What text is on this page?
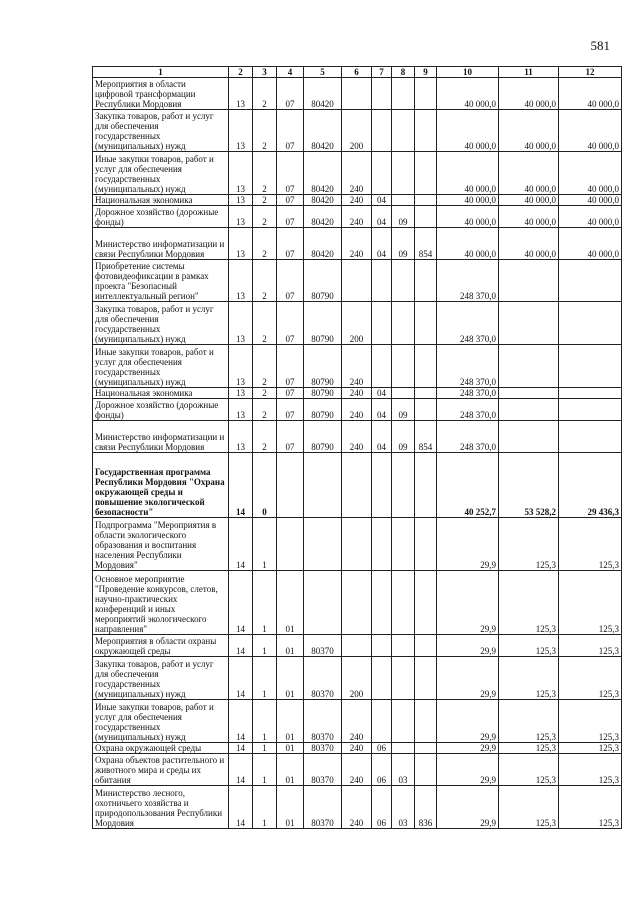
581
1	2	3	4	5	6	7	8	9	10	11	12
Мероприятия в области цифровой трансформации Республики Мордовия	13	2	07	80420					40 000,0	40 000,0	40 000,0
Закупка товаров, работ и услуг для обеспечения государственных (муниципальных) нужд	13	2	07	80420	200				40 000,0	40 000,0	40 000,0
Иные закупки товаров, работ и услуг для обеспечения государственных (муниципальных) нужд	13	2	07	80420	240				40 000,0	40 000,0	40 000,0
Национальная экономика	13	2	07	80420	240	04			40 000,0	40 000,0	40 000,0
Дорожное хозяйство (дорожные фонды)	13	2	07	80420	240	04	09		40 000,0	40 000,0	40 000,0
Министерство информатизации и связи Республики Мордовия	13	2	07	80420	240	04	09	854	40 000,0	40 000,0	40 000,0
Приобретение системы фотовидеофиксации в рамках проекта "Безопасный интеллектуальный регион"	13	2	07	80790					248 370,0		
Закупка товаров, работ и услуг для обеспечения государственных (муниципальных) нужд	13	2	07	80790	200				248 370,0		
Иные закупки товаров, работ и услуг для обеспечения государственных (муниципальных) нужд	13	2	07	80790	240				248 370,0		
Национальная экономика	13	2	07	80790	240	04			248 370,0		
Дорожное хозяйство (дорожные фонды)	13	2	07	80790	240	04	09		248 370,0		
Министерство информатизации и связи Республики Мордовия	13	2	07	80790	240	04	09	854	248 370,0		
Государственная программа Республики Мордовия "Охрана окружающей среды и повышение экологической безопасности"	14	0							40 252,7	53 528,2	29 436,3
Подпрограмма "Мероприятия в области экологического образования и воспитания населения Республики Мордовия"	14	1							29,9	125,3	125,3
Основное мероприятие "Проведение конкурсов, слетов, научно-практических конференций и иных мероприятий экологического направления"	14	1	01						29,9	125,3	125,3
Мероприятия в области охраны окружающей среды	14	1	01	80370					29,9	125,3	125,3
Закупка товаров, работ и услуг для обеспечения государственных (муниципальных) нужд	14	1	01	80370	200				29,9	125,3	125,3
Иные закупки товаров, работ и услуг для обеспечения государственных (муниципальных) нужд	14	1	01	80370	240				29,9	125,3	125,3
Охрана окружающей среды	14	1	01	80370	240	06			29,9	125,3	125,3
Охрана объектов растительного и животного мира и среды их обитания	14	1	01	80370	240	06	03		29,9	125,3	125,3
Министерство лесного, охотничьего хозяйства и природопользования Республики Мордовия	14	1	01	80370	240	06	03	836	29,9	125,3	125,3
